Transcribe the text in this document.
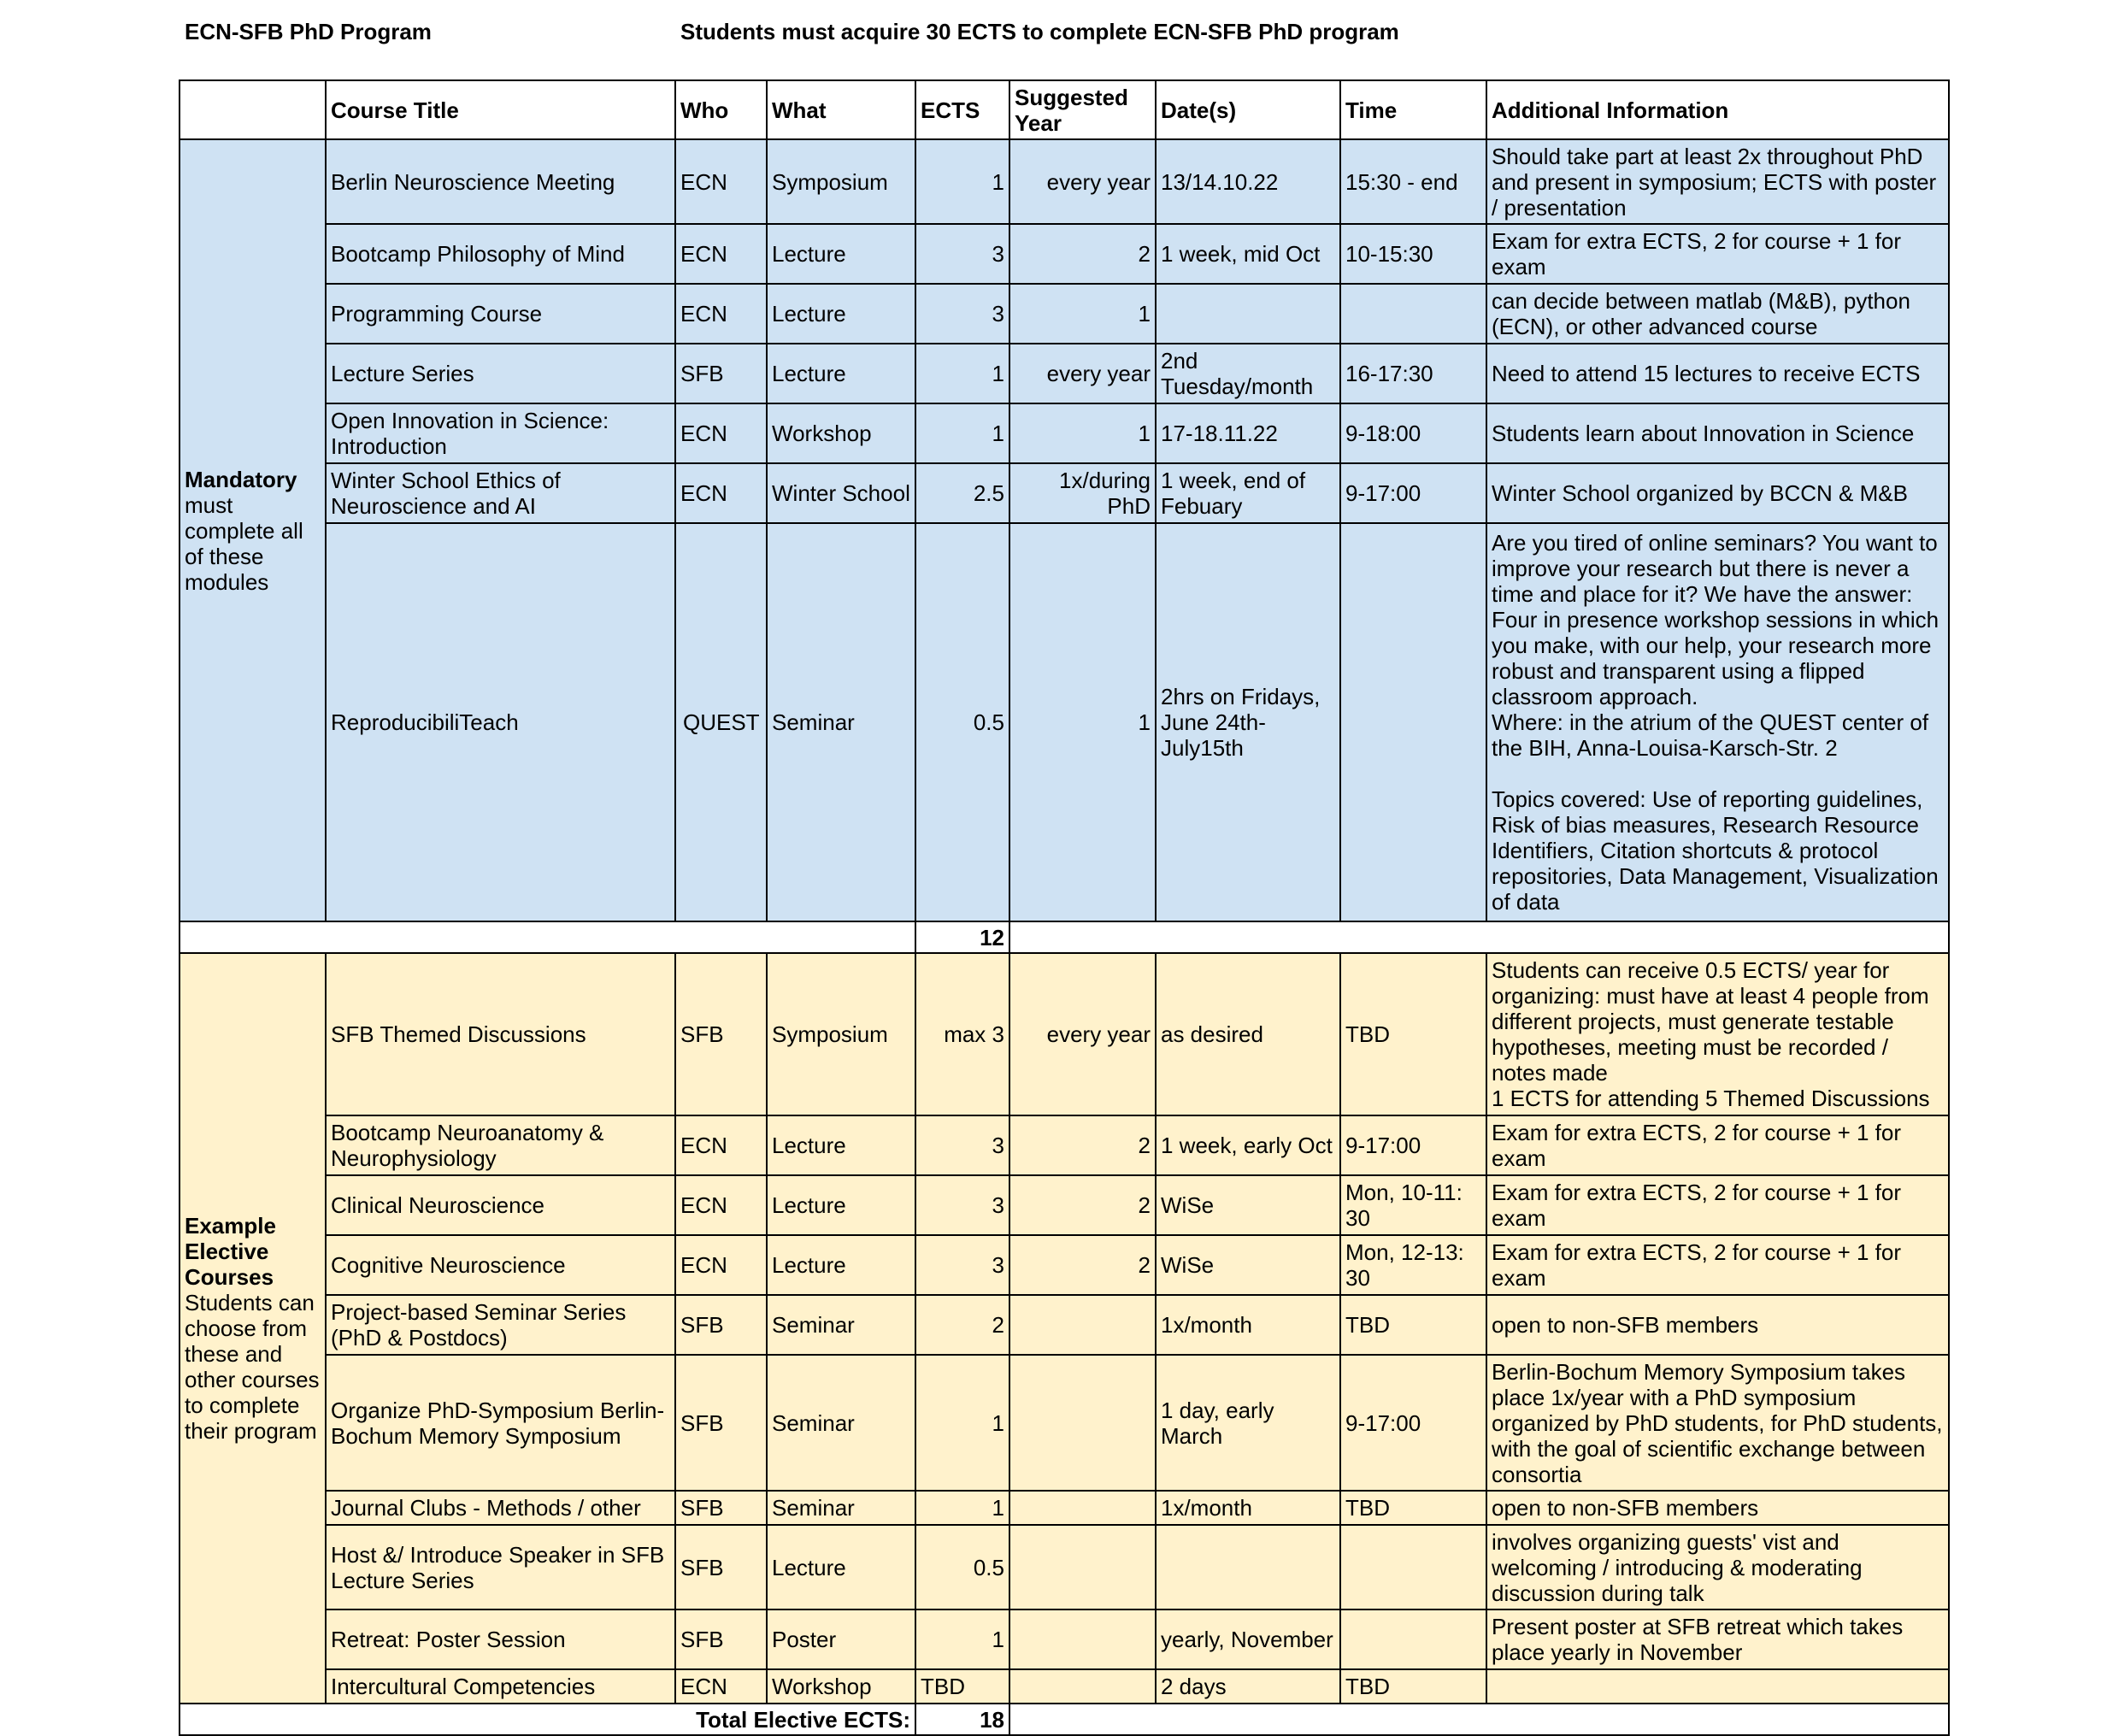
ECN-SFB PhD Program	Students must acquire 30 ECTS to complete ECN-SFB PhD program
	Course Title	Who	What	ECTS	Suggested Year	Date(s)	Time	Additional Information

Mandatory
must complete all of these modules	Berlin Neuroscience Meeting	ECN	Symposium	1	every year	13/14.10.22	15:30 - end	Should take part at least 2x throughout PhD and present in symposium; ECTS with poster / presentation
	Bootcamp Philosophy of Mind	ECN	Lecture	3	2	1 week, mid Oct	10-15:30	Exam for extra ECTS, 2 for course + 1 for exam
	Programming Course	ECN	Lecture	3	1			can decide between matlab (M&B), python (ECN), or other advanced course
	Lecture Series	SFB	Lecture	1	every year	2nd Tuesday/month	16-17:30	Need to attend 15 lectures to receive ECTS
	Open Innovation in Science: Introduction	ECN	Workshop	1	1	17-18.11.22	9-18:00	Students learn about Innovation in Science
	Winter School Ethics of Neuroscience and AI	ECN	Winter School	2.5	1x/during PhD	1 week, end of Febuary	9-17:00	Winter School organized by BCCN & M&B
	ReproducibiliTeach	QUEST	Seminar	0.5	1	2hrs on Fridays, June 24th-July15th		Are you tired of online seminars? You want to improve your research but there is never a time and place for it? We have the answer: Four in presence workshop sessions in which you make, with our help, your research more robust and transparent using a flipped classroom approach.
Where: in the atrium of the QUEST center of the BIH, Anna-Louisa-Karsch-Str. 2

Topics covered: Use of reporting guidelines, Risk of bias measures, Research Resource Identifiers, Citation shortcuts & protocol repositories, Data Management, Visualization of data
				12				

Example Elective Courses
Students can choose from these and other courses to complete their program	SFB Themed Discussions	SFB	Symposium	max 3	every year	as desired	TBD	Students can receive 0.5 ECTS/ year for organizing: must have at least 4 people from different projects, must generate testable hypotheses, meeting must be recorded / notes made
1 ECTS for attending 5 Themed Discussions
	Bootcamp Neuroanatomy & Neurophysiology	ECN	Lecture	3	2	1 week, early Oct	9-17:00	Exam for extra ECTS, 2 for course + 1 for exam
	Clinical Neuroscience	ECN	Lecture	3	2	WiSe	Mon, 10-11: 30	Exam for extra ECTS, 2 for course + 1 for exam
	Cognitive Neuroscience	ECN	Lecture	3	2	WiSe	Mon, 12-13: 30	Exam for extra ECTS, 2 for course + 1 for exam
	Project-based Seminar Series (PhD & Postdocs)	SFB	Seminar	2		1x/month	TBD	open to non-SFB members
	Organize PhD-Symposium Berlin-Bochum Memory Symposium	SFB	Seminar	1		1 day, early March	9-17:00	Berlin-Bochum Memory Symposium takes place 1x/year with a PhD symposium organized by PhD students, for PhD students, with the goal of scientific exchange between consortia
	Journal Clubs - Methods / other	SFB	Seminar	1		1x/month	TBD	open to non-SFB members
	Host &/ Introduce Speaker in SFB Lecture Series	SFB	Lecture	0.5				involves organizing guests' vist and welcoming / introducing & moderating discussion during talk
	Retreat: Poster Session	SFB	Poster	1		yearly, November		Present poster at SFB retreat which takes place yearly in November
	Intercultural Competencies	ECN	Workshop	TBD		2 days	TBD	
Total Elective ECTS:				18				
